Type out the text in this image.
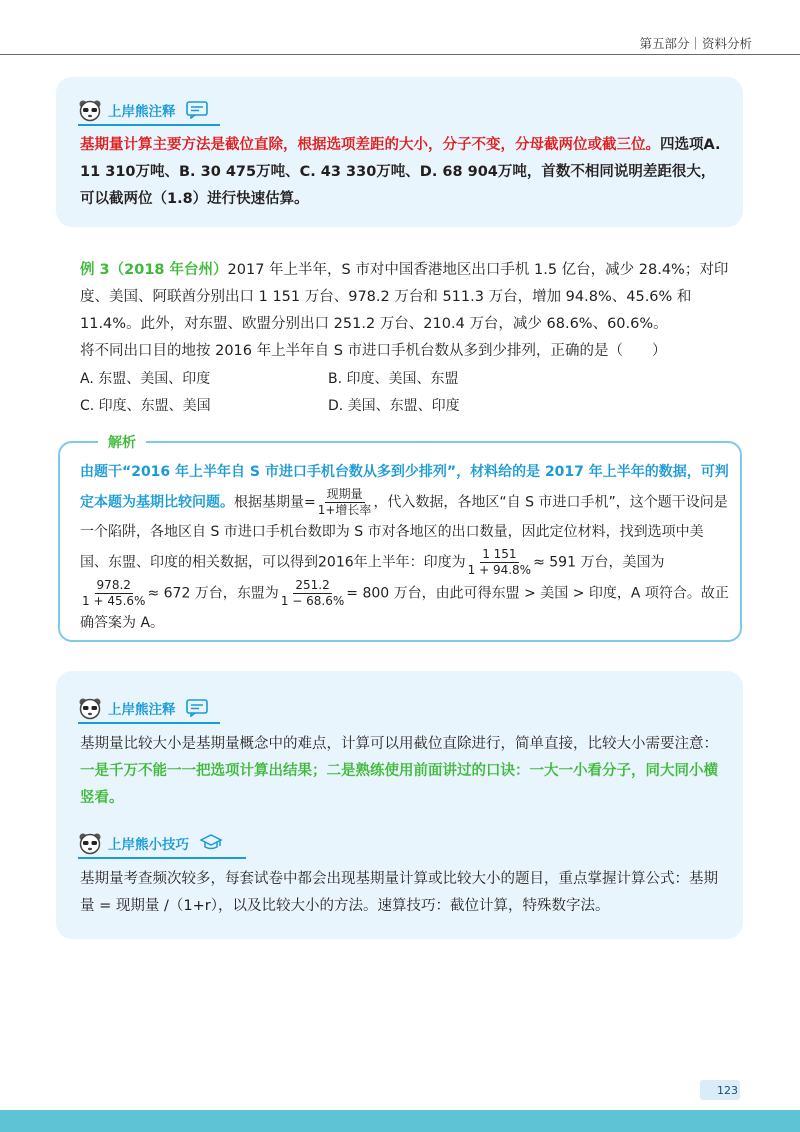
第五部分｜资料分析
上岸熊注释
基期量计算主要方法是截位直除，根据选项差距的大小，分子不变，分母截两位或截三位。四选项A. 11 310万吨、B. 30 475万吨、C. 43 330万吨、D. 68 904万吨，首数不相同说明差距很大，可以截两位（1.8）进行快速估算。
例 3（2018 年台州）2017 年上半年，S 市对中国香港地区出口手机 1.5 亿台，减少 28.4%；对印度、美国、阿联酋分别出口 1 151 万台、978.2 万台和 511.3 万台，增加 94.8%、45.6% 和 11.4%。此外，对东盟、欧盟分别出口 251.2 万台、210.4 万台，减少 68.6%、60.6%。
将不同出口目的地按 2016 年上半年自 S 市进口手机台数从多到少排列，正确的是（　　）
A. 东盟、美国、印度	B. 印度、美国、东盟
C. 印度、东盟、美国	D. 美国、东盟、印度
解析
由题干“2016 年上半年自 S 市进口手机台数从多到少排列”，材料给的是 2017 年上半年的数据，可判定本题为基期比较问题。根据基期量= $\frac{\text{现期量}}{\text{1+增长率}}$ ，代入数据，各地区“自 S 市进口手机”，这个题干设问是一个陷阱，各地区自 S 市进口手机台数即为 S 市对各地区的出口数量，因此定位材料，找到选项中美国、东盟、印度的相关数据，可以得到2016年上半年：印度为 $\frac{1 151}{1 + 94.8\%} \approx 591$ 万台，美国为
$\frac{978.2}{1 + 45.6\%} \approx 672$ 万台，东盟为 $\frac{251.2}{1 - 68.6\%} = 800$ 万台，由此可得东盟 > 美国 > 印度，A 项符合。故正确答案为 A。
上岸熊注释
基期量比较大小是基期量概念中的难点，计算可以用截位直除进行，简单直接，比较大小需要注意：一是千万不能一一把选项计算出结果；二是熟练使用前面讲过的口诀：一大一小看分子，同大同小横竖看。
上岸熊小技巧
基期量考查频次较多，每套试卷中都会出现基期量计算或比较大小的题目，重点掌握计算公式：基期量 = 现期量 /（1+r），以及比较大小的方法。速算技巧：截位计算，特殊数字法。
123
